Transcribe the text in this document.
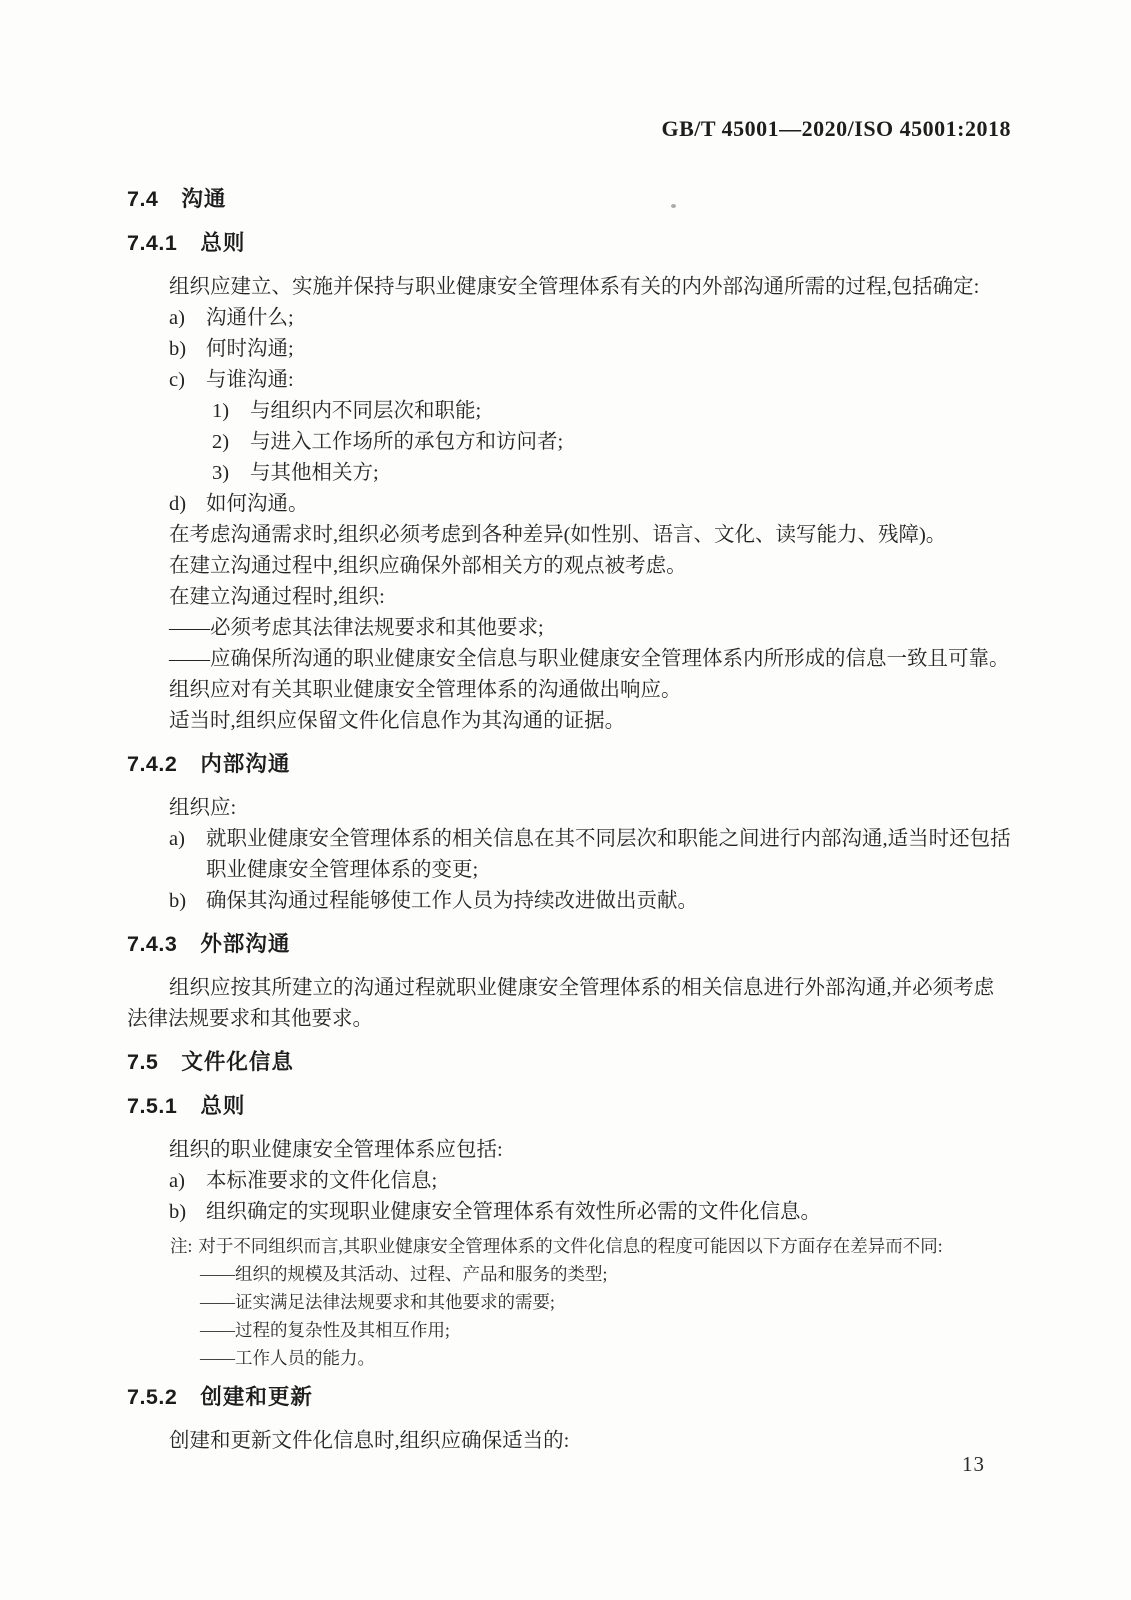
GB/T 45001—2020/ISO 45001:2018
7.4 沟通
7.4.1 总则

组织应建立、实施并保持与职业健康安全管理体系有关的内外部沟通所需的过程,包括确定:

a)	沟通什么;
b) 何时沟通;
c)	与谁沟通:
1)	与组织内不同层次和职能;
2)	与进入工作场所的承包方和访问者;
3)	与其他相关方;
d) 如何沟通。

在考虑沟通需求时,组织必须考虑到各种差异(如性别、语言、文化、读写能力、残障)。

在建立沟通过程中,组织应确保外部相关方的观点被考虑。

在建立沟通过程时,组织:

——必须考虑其法律法规要求和其他要求;

——应确保所沟通的职业健康安全信息与职业健康安全管理体系内所形成的信息一致且可靠。

组织应对有关其职业健康安全管理体系的沟通做出响应。

适当时,组织应保留文件化信息作为其沟通的证据。

7.4.2 内部沟通

组织应:

a)	就职业健康安全管理体系的相关信息在其不同层次和职能之间进行内部沟通,适当时还包括职业健康安全管理体系的变更;
b) 确保其沟通过程能够使工作人员为持续改进做出贡献。
7.4.3 外部沟通

组织应按其所建立的沟通过程就职业健康安全管理体系的相关信息进行外部沟通,并必须考虑法律法规要求和其他要求。

7.5 文件化信息
7.5.1 总则

组织的职业健康安全管理体系应包括:

a)	本标准要求的文件化信息;
b) 组织确定的实现职业健康安全管理体系有效性所必需的文件化信息。

注: 对于不同组织而言,其职业健康安全管理体系的文件化信息的程度可能因以下方面存在差异而不同:

——组织的规模及其活动、过程、产品和服务的类型;

——证实满足法律法规要求和其他要求的需要;

——过程的复杂性及其相互作用;

——工作人员的能力。

7.5.2 创建和更新

创建和更新文件化信息时,组织应确保适当的:

13
